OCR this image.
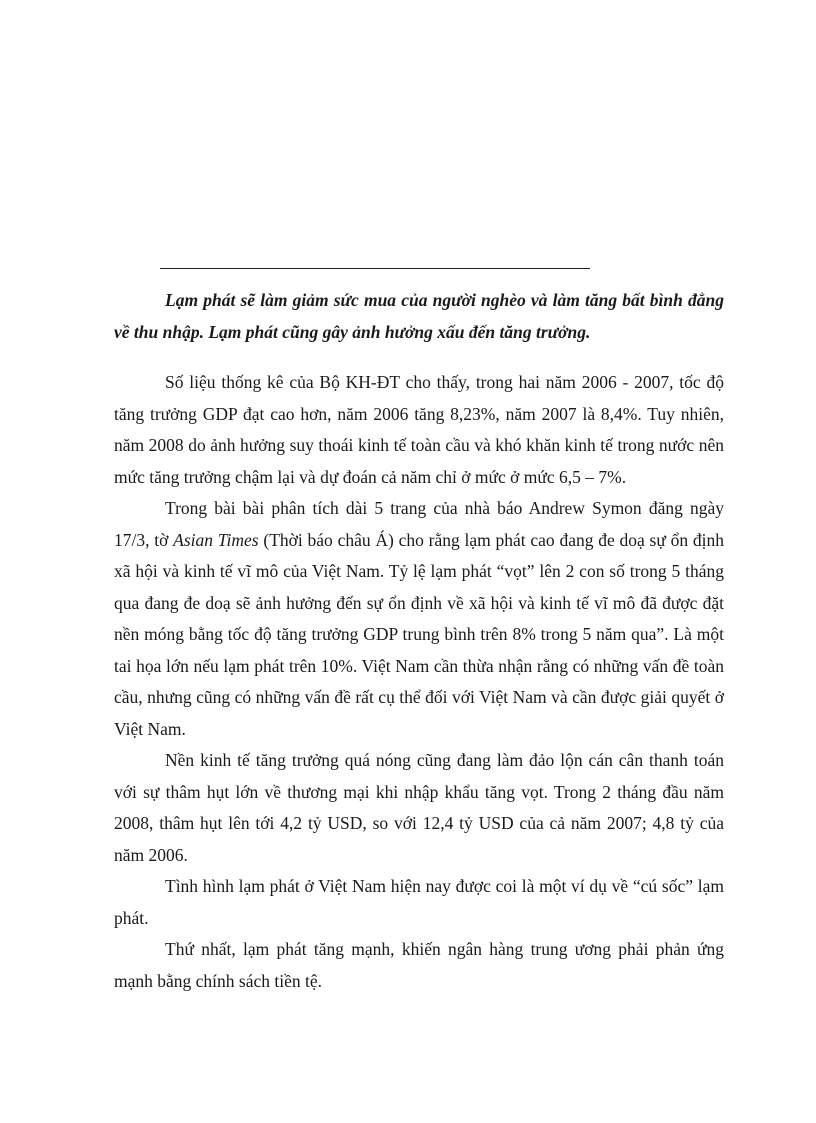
Lạm phát sẽ làm giảm sức mua của người nghèo và làm tăng bất bình đẳng về thu nhập. Lạm phát cũng gây ảnh hưởng xấu đến tăng trưởng.

Số liệu thống kê của Bộ KH-ĐT cho thấy, trong hai năm 2006 - 2007, tốc độ tăng trưởng GDP đạt cao hơn, năm 2006 tăng 8,23%, năm 2007 là 8,4%. Tuy nhiên, năm 2008 do ảnh hưởng suy thoái kinh tế toàn cầu và khó khăn kinh tế trong nước nên mức tăng trưởng chậm lại và dự đoán cả năm chỉ ở mức ở mức 6,5 – 7%.

Trong bài bài phân tích dài 5 trang của nhà báo Andrew Symon đăng ngày 17/3, tờ Asian Times (Thời báo châu Á) cho rằng lạm phát cao đang đe doạ sự ổn định xã hội và kinh tế vĩ mô của Việt Nam. Tỷ lệ lạm phát “vọt” lên 2 con số trong 5 tháng qua đang đe doạ sẽ ảnh hưởng đến sự ổn định về xã hội và kinh tế vĩ mô đã được đặt nền móng bằng tốc độ tăng trưởng GDP trung bình trên 8% trong 5 năm qua”. Là một tai họa lớn nếu lạm phát trên 10%. Việt Nam cần thừa nhận rằng có những vấn đề toàn cầu, nhưng cũng có những vấn đề rất cụ thể đối với Việt Nam và cần được giải quyết ở Việt Nam.

Nền kinh tế tăng trưởng quá nóng cũng đang làm đảo lộn cán cân thanh toán với sự thâm hụt lớn về thương mại khi nhập khẩu tăng vọt. Trong 2 tháng đầu năm 2008, thâm hụt lên tới 4,2 tỷ USD, so với 12,4 tỷ USD của cả năm 2007; 4,8 tỷ của năm 2006.

Tình hình lạm phát ở Việt Nam hiện nay được coi là một ví dụ về “cú sốc” lạm phát.

Thứ nhất, lạm phát tăng mạnh, khiến ngân hàng trung ương phải phản ứng mạnh bằng chính sách tiền tệ.
